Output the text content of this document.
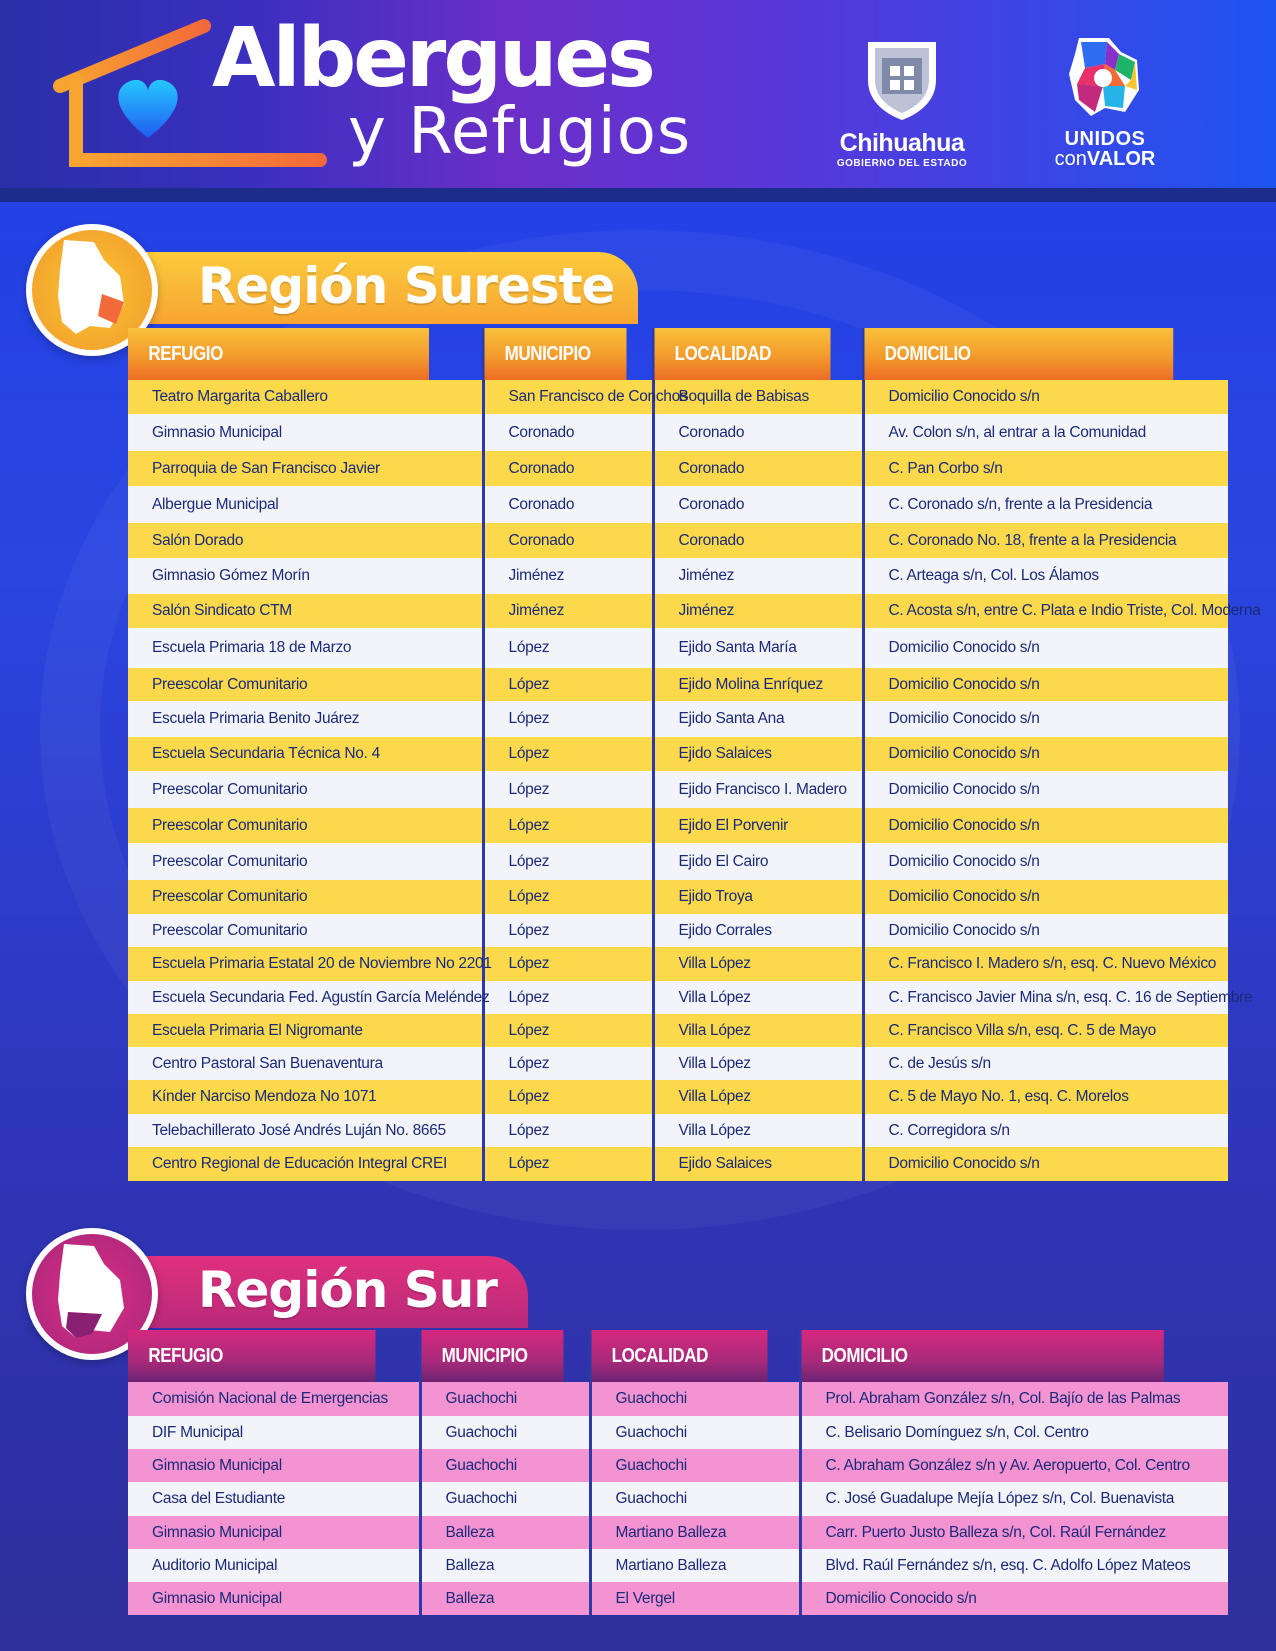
Albergues
y Refugios	Chihuahua
GOBIERNO DEL ESTADO
UNIDOS
conVALOR
Región Sureste
REFUGIO	MUNICIPIO	LOCALIDAD	DOMICILIO
Teatro Margarita Caballero	San Francisco de Conchos	Boquilla de Babisas	Domicilio Conocido s/n
Gimnasio Municipal	Coronado	Coronado	Av. Colon s/n, al entrar a la Comunidad
Parroquia de San Francisco Javier	Coronado	Coronado	C. Pan Corbo s/n
Albergue Municipal	Coronado	Coronado	C. Coronado s/n, frente a la Presidencia
Salón Dorado	Coronado	Coronado	C. Coronado No. 18, frente a la Presidencia
Gimnasio Gómez Morín	Jiménez	Jiménez	C. Arteaga s/n, Col. Los Álamos
Salón Sindicato CTM	Jiménez	Jiménez	C. Acosta s/n, entre C. Plata e Indio Triste, Col. Moderna
Escuela Primaria 18 de Marzo	López	Ejido Santa María	Domicilio Conocido s/n
Preescolar Comunitario	López	Ejido Molina Enríquez	Domicilio Conocido s/n
Escuela Primaria Benito Juárez	López	Ejido Santa Ana	Domicilio Conocido s/n
Escuela Secundaria Técnica No. 4	López	Ejido Salaices	Domicilio Conocido s/n
Preescolar Comunitario	López	Ejido Francisco I. Madero	Domicilio Conocido s/n
Preescolar Comunitario	López	Ejido El Porvenir	Domicilio Conocido s/n
Preescolar Comunitario	López	Ejido El Cairo	Domicilio Conocido s/n
Preescolar Comunitario	López	Ejido Troya	Domicilio Conocido s/n
Preescolar Comunitario	López	Ejido Corrales	Domicilio Conocido s/n
Escuela Primaria Estatal 20 de Noviembre No 2201	López	Villa López	C. Francisco I. Madero s/n, esq. C. Nuevo México
Escuela Secundaria Fed. Agustín García Meléndez	López	Villa López	C. Francisco Javier Mina s/n, esq. C. 16 de Septiembre
Escuela Primaria El Nigromante	López	Villa López	C. Francisco Villa s/n, esq. C. 5 de Mayo
Centro Pastoral San Buenaventura	López	Villa López	C. de Jesús s/n
Kínder Narciso Mendoza No 1071	López	Villa López	C. 5 de Mayo No. 1, esq. C. Morelos
Telebachillerato José Andrés Luján No. 8665	López	Villa López	C. Corregidora s/n
Centro Regional de Educación Integral CREI	López	Ejido Salaices	Domicilio Conocido s/n
Región Sur
REFUGIO	MUNICIPIO	LOCALIDAD	DOMICILIO
Comisión Nacional de Emergencias	Guachochi	Guachochi	Prol. Abraham González s/n, Col. Bajío de las Palmas
DIF Municipal	Guachochi	Guachochi	C. Belisario Domínguez s/n, Col. Centro
Gimnasio Municipal	Guachochi	Guachochi	C. Abraham González s/n y Av. Aeropuerto, Col. Centro
Casa del Estudiante	Guachochi	Guachochi	C. José Guadalupe Mejía López s/n, Col. Buenavista
Gimnasio Municipal	Balleza	Martiano Balleza	Carr. Puerto Justo Balleza s/n, Col. Raúl Fernández
Auditorio Municipal	Balleza	Martiano Balleza	Blvd. Raúl Fernández s/n, esq. C. Adolfo López Mateos
Gimnasio Municipal	Balleza	El Vergel	Domicilio Conocido s/n
